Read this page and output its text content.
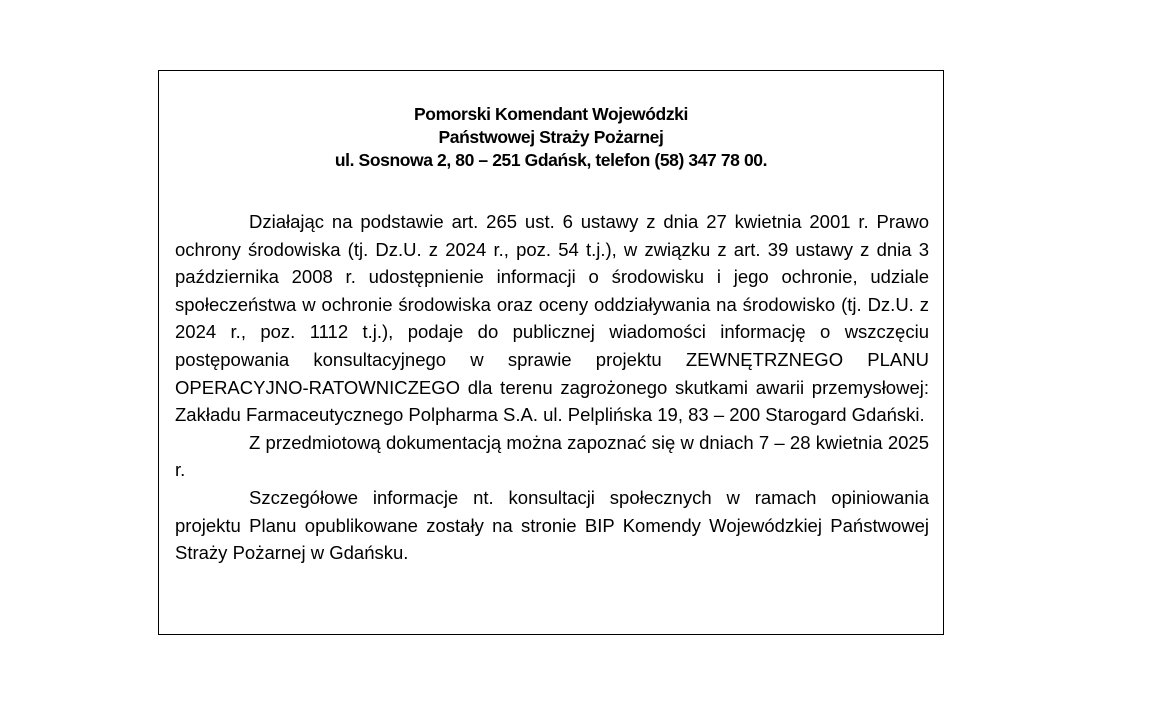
Pomorski Komendant Wojewódzki
Państwowej Straży Pożarnej
ul. Sosnowa 2, 80 – 251 Gdańsk, telefon (58) 347 78 00.

Działając na podstawie art. 265 ust. 6 ustawy z dnia 27 kwietnia 2001 r. Prawo ochrony środowiska (tj. Dz.U. z 2024 r., poz. 54 t.j.), w związku z art. 39 ustawy z dnia 3 października 2008 r. udostępnienie informacji o środowisku i jego ochronie, udziale społeczeństwa w ochronie środowiska oraz oceny oddziaływania na środowisko (tj. Dz.U. z 2024 r., poz. 1112 t.j.), podaje do publicznej wiadomości informację o wszczęciu postępowania konsultacyjnego w sprawie projektu ZEWNĘTRZNEGO PLANU OPERACYJNO-RATOWNICZEGO dla terenu zagrożonego skutkami awarii przemysłowej: Zakładu Farmaceutycznego Polpharma S.A. ul. Pelplińska 19, 83 – 200 Starogard Gdański.

Z przedmiotową dokumentacją można zapoznać się w dniach 7 – 28 kwietnia 2025 r.

Szczegółowe informacje nt. konsultacji społecznych w ramach opiniowania projektu Planu opublikowane zostały na stronie BIP Komendy Wojewódzkiej Państwowej Straży Pożarnej w Gdańsku.
